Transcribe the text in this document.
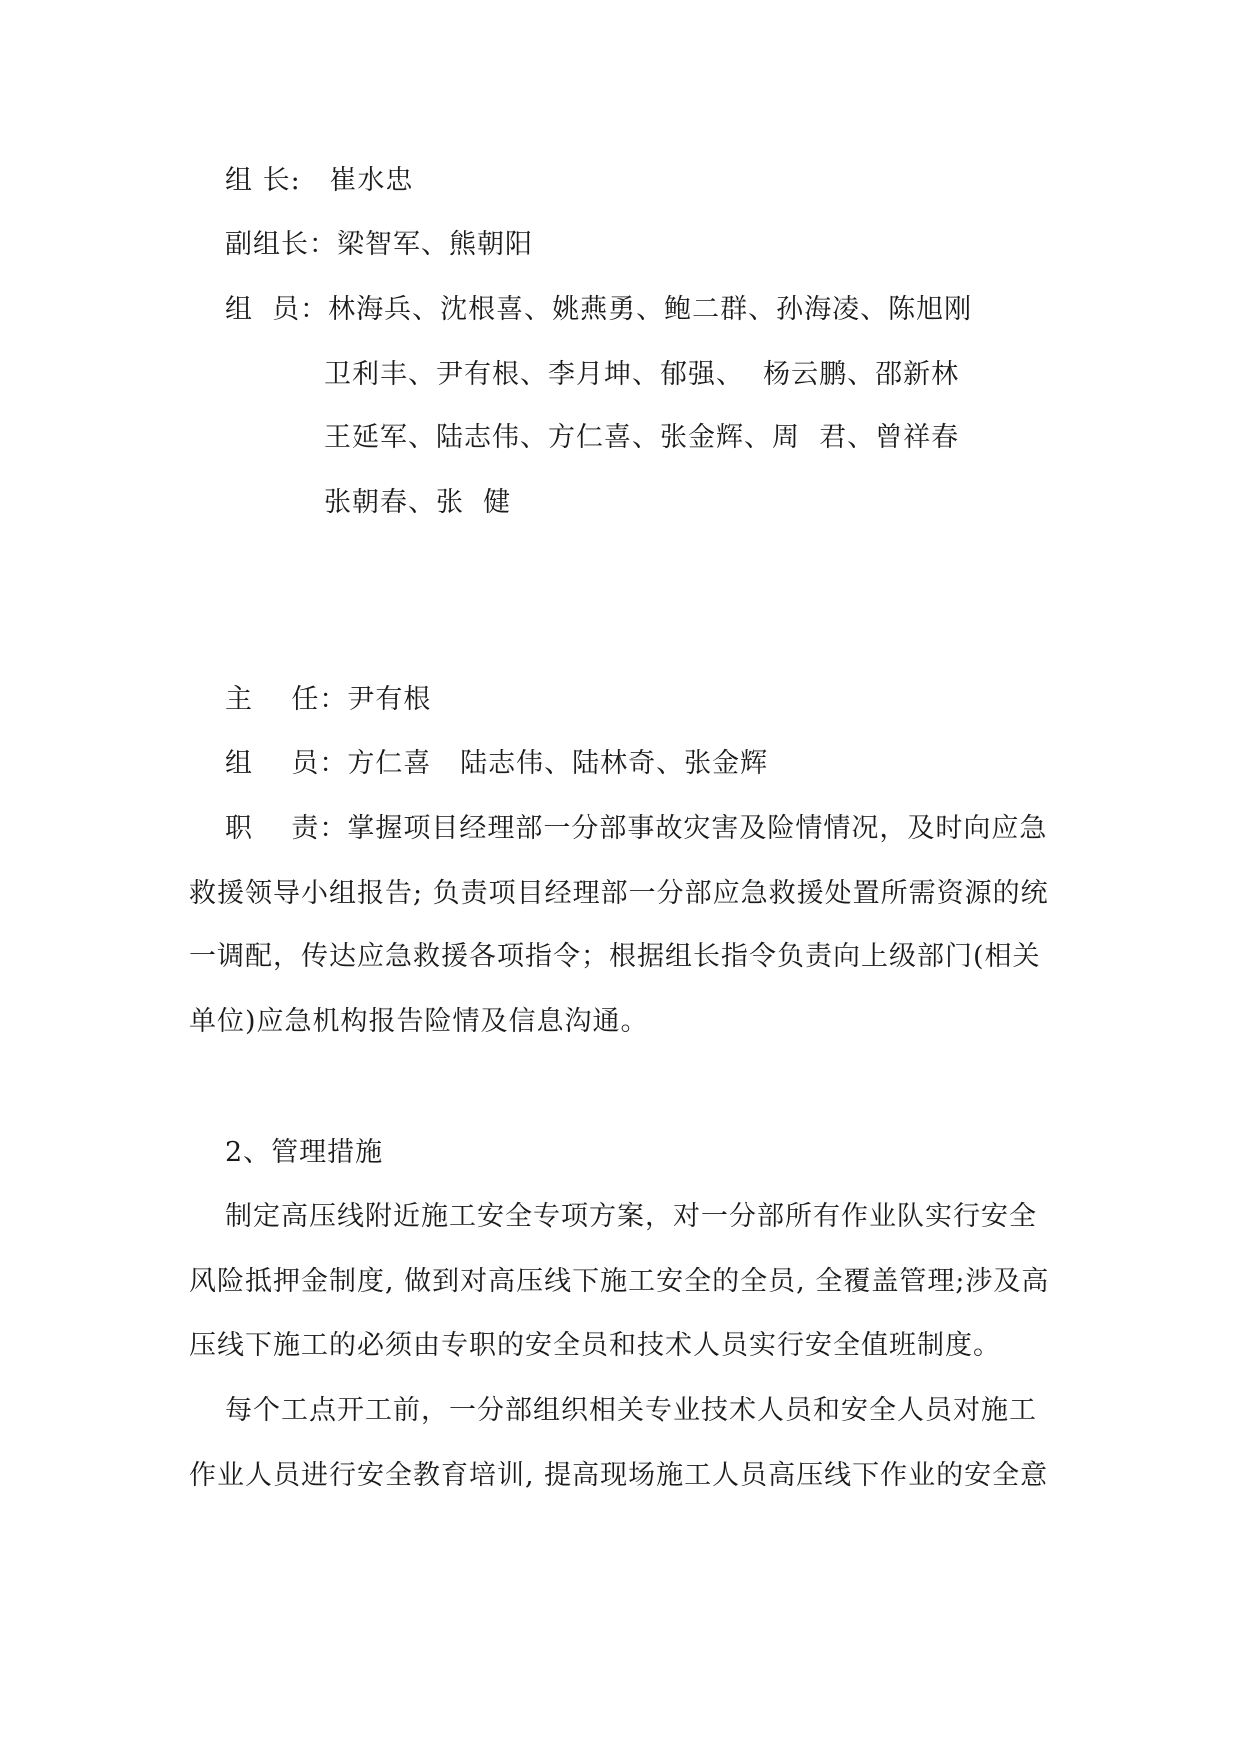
组 长:   崔水忠
副组长：梁智军、熊朝阳
组  员：林海兵、沈根喜、姚燕勇、鲍二群、孙海凌、陈旭刚
卫利丰、尹有根、李月坤、郁强、  杨云鹏、邵新林
王延军、陆志伟、方仁喜、张金辉、周  君、曾祥春
张朝春、张  健
主    任：尹有根
组    员：方仁喜   陆志伟、陆林奇、张金辉
职    责：掌握项目经理部一分部事故灾害及险情情况，及时向应急
救援领导小组报告; 负责项目经理部一分部应急救援处置所需资源的统
一调配，传达应急救援各项指令；根据组长指令负责向上级部门(相关
单位)应急机构报告险情及信息沟通。
2、管理措施
制定高压线附近施工安全专项方案，对一分部所有作业队实行安全
风险抵押金制度, 做到对高压线下施工安全的全员, 全覆盖管理;涉及高
压线下施工的必须由专职的安全员和技术人员实行安全值班制度。
每个工点开工前，一分部组织相关专业技术人员和安全人员对施工
作业人员进行安全教育培训, 提高现场施工人员高压线下作业的安全意
